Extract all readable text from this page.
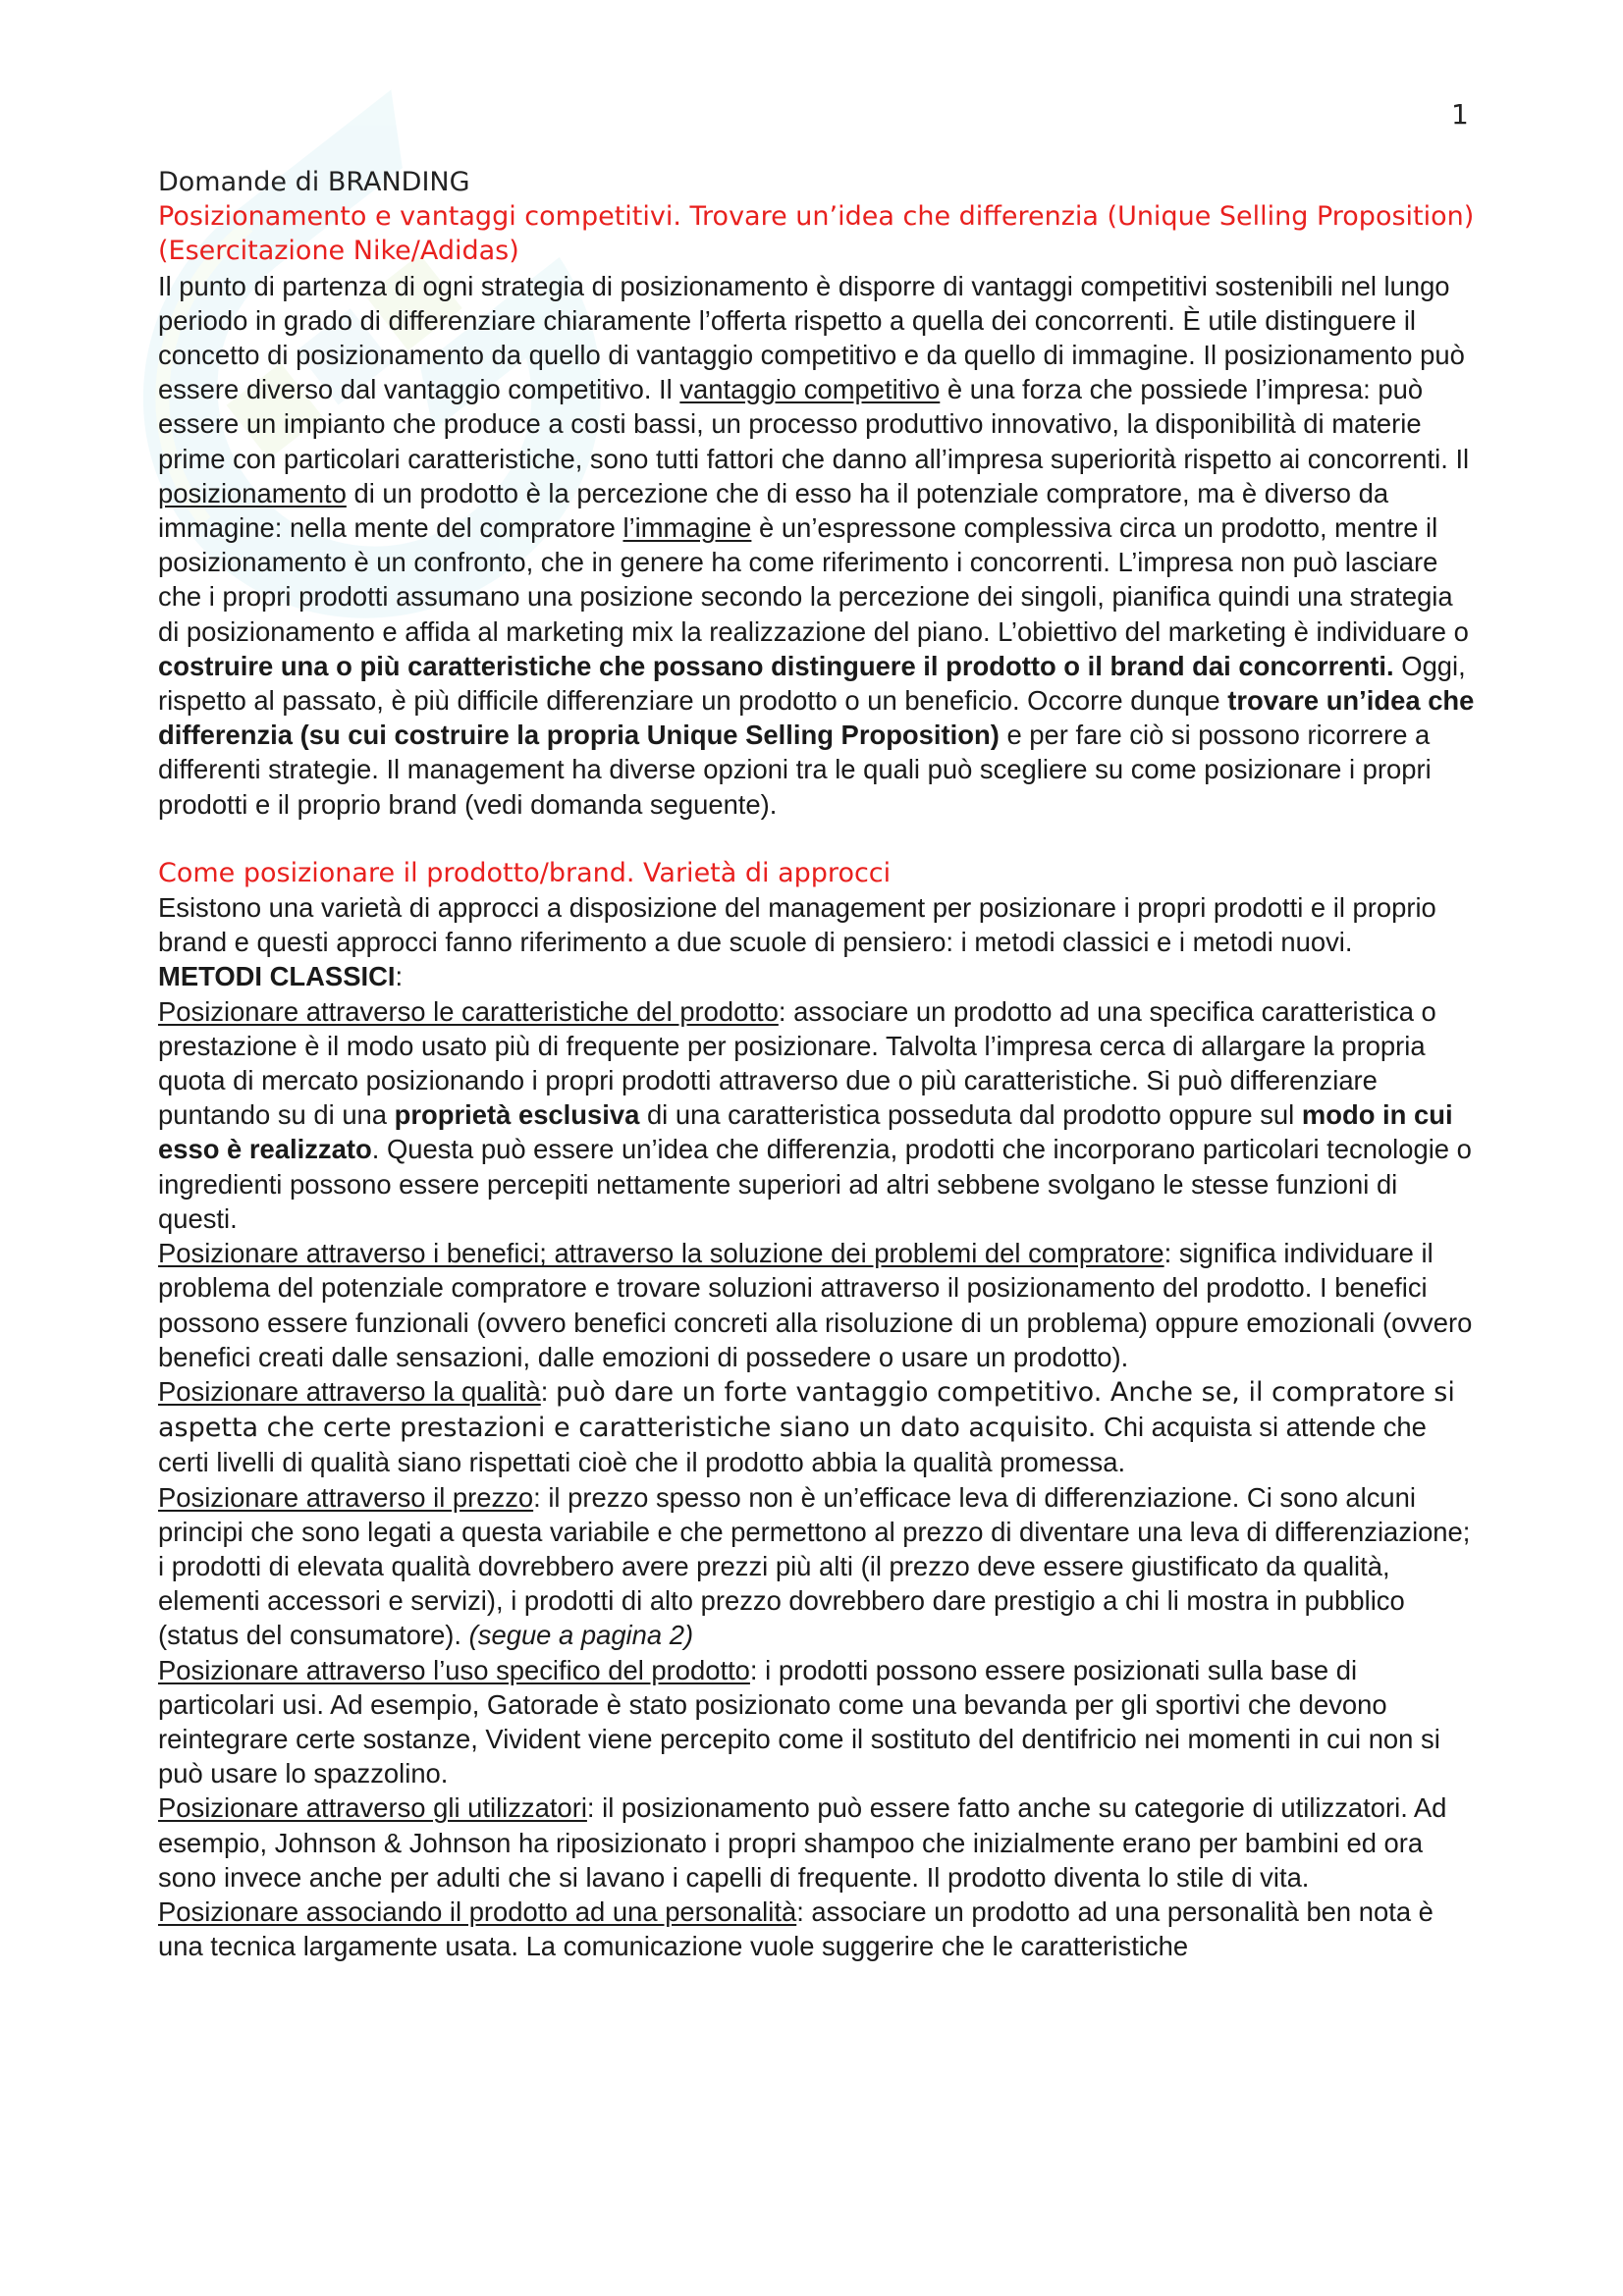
1

Domande di BRANDING

Posizionamento e vantaggi competitivi. Trovare un’idea che differenzia (Unique Selling Proposition) (Esercitazione Nike/Adidas)

Il punto di partenza di ogni strategia di posizionamento è disporre di vantaggi competitivi sostenibili nel lungo periodo in grado di differenziare chiaramente l’offerta rispetto a quella dei concorrenti. È utile distinguere il concetto di posizionamento da quello di vantaggio competitivo e da quello di immagine. Il posizionamento può essere diverso dal vantaggio competitivo. Il vantaggio competitivo è una forza che possiede l’impresa: può essere un impianto che produce a costi bassi, un processo produttivo innovativo, la disponibilità di materie prime con particolari caratteristiche, sono tutti fattori che danno all’impresa superiorità rispetto ai concorrenti. Il posizionamento di un prodotto è la percezione che di esso ha il potenziale compratore, ma è diverso da immagine: nella mente del compratore l’immagine è un’espressone complessiva circa un prodotto, mentre il posizionamento è un confronto, che in genere ha come riferimento i concorrenti. L’impresa non può lasciare che i propri prodotti assumano una posizione secondo la percezione dei singoli, pianifica quindi una strategia di posizionamento e affida al marketing mix la realizzazione del piano. L’obiettivo del marketing è individuare o costruire una o più caratteristiche che possano distinguere il prodotto o il brand dai concorrenti. Oggi, rispetto al passato, è più difficile differenziare un prodotto o un beneficio. Occorre dunque trovare un’idea che differenzia (su cui costruire la propria Unique Selling Proposition) e per fare ciò si possono ricorrere a differenti strategie. Il management ha diverse opzioni tra le quali può scegliere su come posizionare i propri prodotti e il proprio brand (vedi domanda seguente).

Come posizionare il prodotto/brand. Varietà di approcci

Esistono una varietà di approcci a disposizione del management per posizionare i propri prodotti e il proprio brand e questi approcci fanno riferimento a due scuole di pensiero: i metodi classici e i metodi nuovi.

METODI CLASSICI:

Posizionare attraverso le caratteristiche del prodotto: associare un prodotto ad una specifica caratteristica o prestazione è il modo usato più di frequente per posizionare. Talvolta l’impresa cerca di allargare la propria quota di mercato posizionando i propri prodotti attraverso due o più caratteristiche. Si può differenziare puntando su di una proprietà esclusiva di una caratteristica posseduta dal prodotto oppure sul modo in cui esso è realizzato. Questa può essere un’idea che differenzia, prodotti che incorporano particolari tecnologie o ingredienti possono essere percepiti nettamente superiori ad altri sebbene svolgano le stesse funzioni di questi.

Posizionare attraverso i benefici; attraverso la soluzione dei problemi del compratore: significa individuare il problema del potenziale compratore e trovare soluzioni attraverso il posizionamento del prodotto. I benefici possono essere funzionali (ovvero benefici concreti alla risoluzione di un problema) oppure emozionali (ovvero benefici creati dalle sensazioni, dalle emozioni di possedere o usare un prodotto).

Posizionare attraverso la qualità: può dare un forte vantaggio competitivo. Anche se, il compratore si aspetta che certe prestazioni e caratteristiche siano un dato acquisito. Chi acquista si attende che certi livelli di qualità siano rispettati cioè che il prodotto abbia la qualità promessa.

Posizionare attraverso il prezzo: il prezzo spesso non è un’efficace leva di differenziazione. Ci sono alcuni principi che sono legati a questa variabile e che permettono al prezzo di diventare una leva di differenziazione; i prodotti di elevata qualità dovrebbero avere prezzi più alti (il prezzo deve essere giustificato da qualità, elementi accessori e servizi), i prodotti di alto prezzo dovrebbero dare prestigio a chi li mostra in pubblico (status del consumatore). (segue a pagina 2)

Posizionare attraverso l’uso specifico del prodotto: i prodotti possono essere posizionati sulla base di particolari usi. Ad esempio, Gatorade è stato posizionato come una bevanda per gli sportivi che devono reintegrare certe sostanze, Vivident viene percepito come il sostituto del dentifricio nei momenti in cui non si può usare lo spazzolino.

Posizionare attraverso gli utilizzatori: il posizionamento può essere fatto anche su categorie di utilizzatori. Ad esempio, Johnson & Johnson ha riposizionato i propri shampoo che inizialmente erano per bambini ed ora sono invece anche per adulti che si lavano i capelli di frequente. Il prodotto diventa lo stile di vita.

Posizionare associando il prodotto ad una personalità: associare un prodotto ad una personalità ben nota è una tecnica largamente usata. La comunicazione vuole suggerire che le caratteristiche
